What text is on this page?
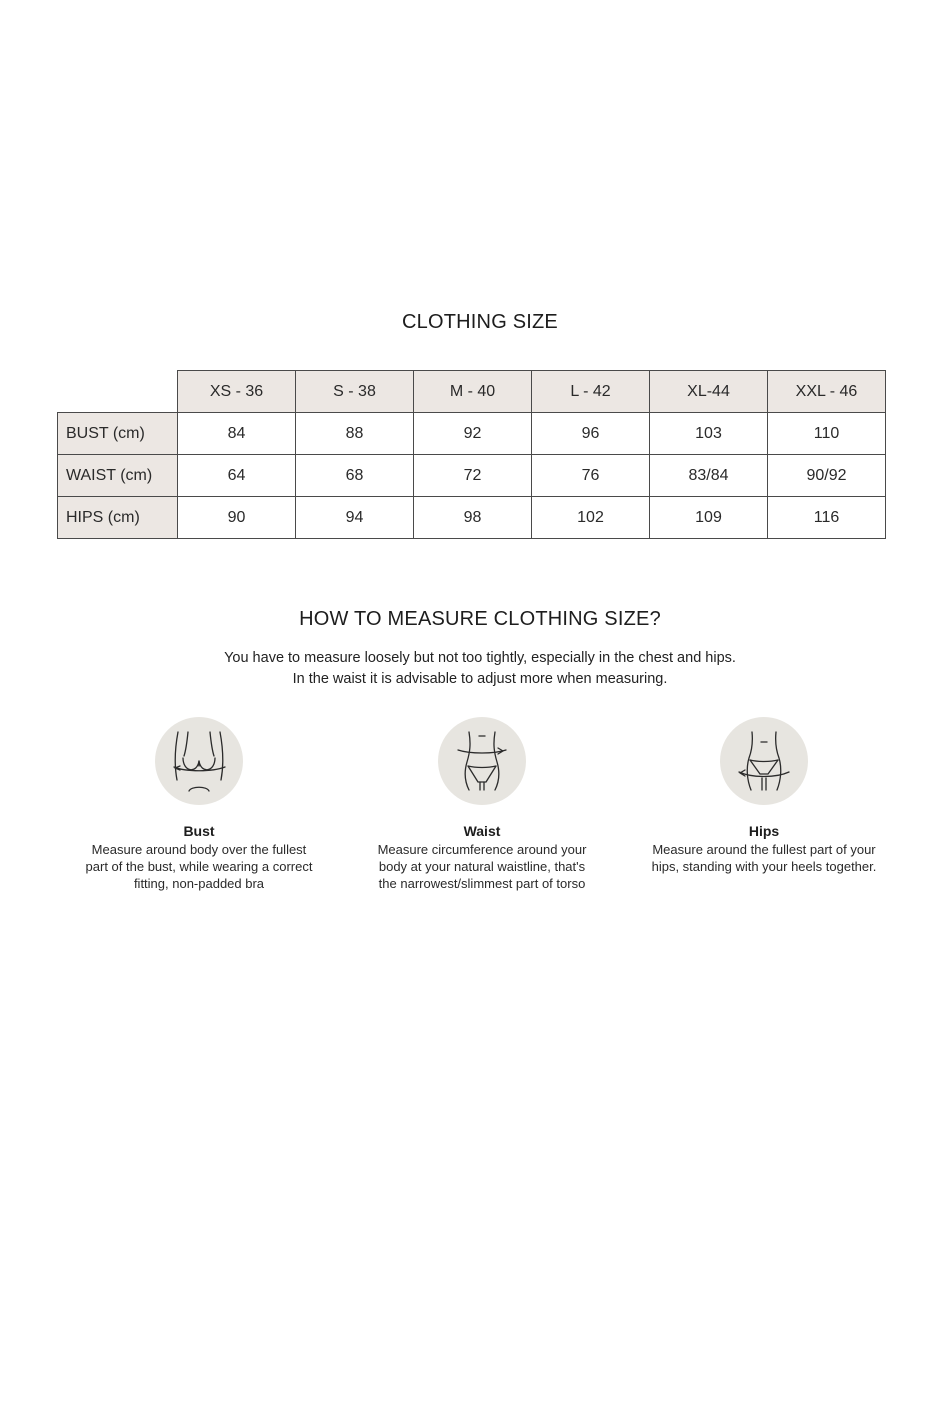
CLOTHING SIZE
	XS - 36	S - 38	M - 40	L - 42	XL-44	XXL - 46
BUST (cm)	84	88	92	96	103	110
WAIST (cm)	64	68	72	76	83/84	90/92
HIPS (cm)	90	94	98	102	109	116
HOW TO MEASURE CLOTHING SIZE?

You have to measure loosely but not too tightly, especially in the chest and hips.

In the waist it is advisable to adjust more when measuring.

Bust
Measure around body over the fullest
part of the bust, while wearing a correct
fitting, non-padded bra
Waist
Measure circumference around your
body at your natural waistline, that's
the narrowest/slimmest part of torso
Hips
Measure around the fullest part of your
hips, standing with your heels together.
